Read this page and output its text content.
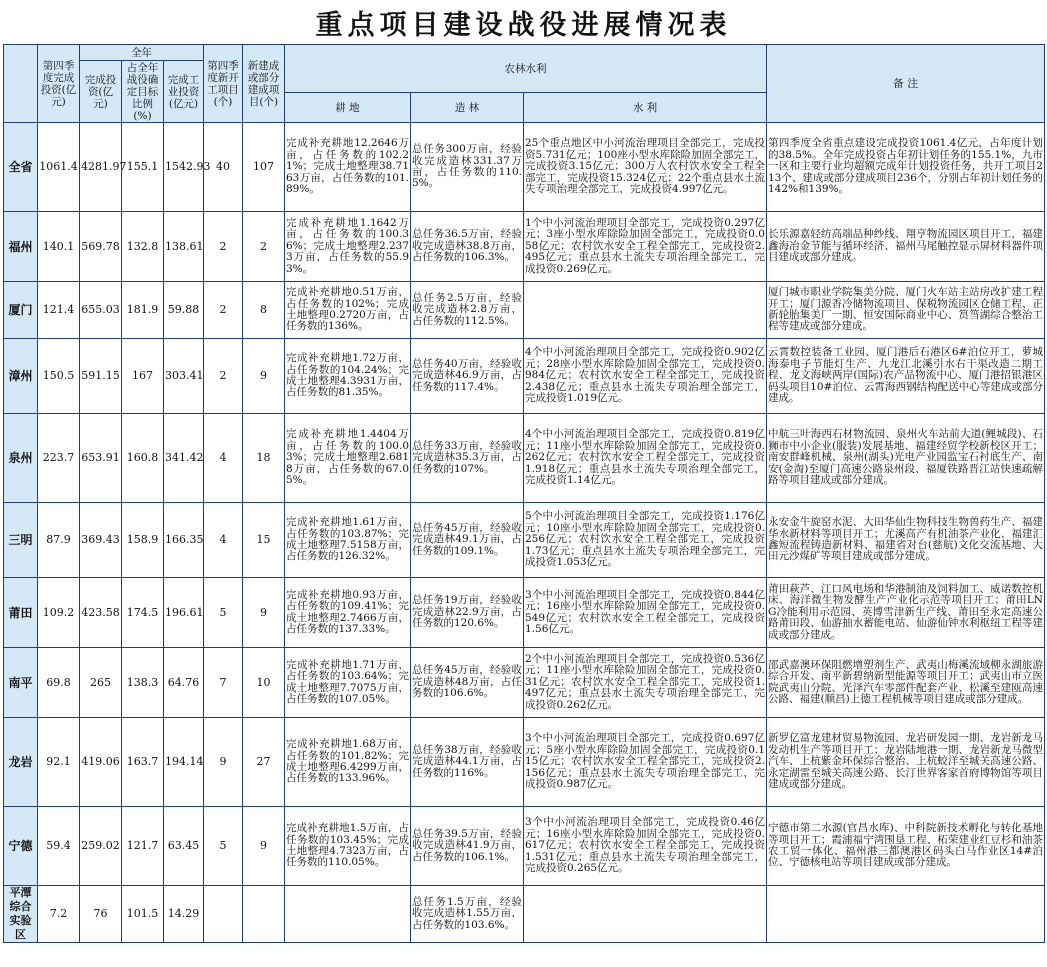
重点项目建设战役进展情况表
	第四季度完成投资(亿元)	全年			第四季度新开工项目(个)	新建成或部分建成项目(个)	农林水利			备 注
		完成投资(亿元)	占全年战役确定目标比例(%)	完成工业投资(亿元)						
							耕 地	造 林	水 利	
全省	1061.4	4281.97	155.1	1542.93	40	107	完成补充耕地12.2646万亩，占任务数的102.21%；完成土地整理38.7163万亩，占任务数的101.89%。	总任务300万亩，经验收完成造林331.37万亩，占任务数的110.5%。	25个重点地区中小河流治理项目全部完工，完成投资5.731亿元；100座小型水库除险加固全部完工，完成投资3.15亿元；300万人农村饮水安全工程全部完工，完成投资15.324亿元；22个重点县水土流失专项治理全部完工，完成投资4.997亿元。	第四季度全省重点建设完成投资1061.4亿元，占年度计划的38.5%。全年完成投资占年初计划任务的155.1%，九市一区和主要行业均超额完成年计划投资任务，共开工项目213个、建成或部分建成项目236个，分别占年初计划任务的142%和139%。
福州	140.1	569.78	132.8	138.61	2	2	完成补充耕地1.1642万亩，占任务数的100.36%；完成土地整理2.2373万亩，占任务数的55.93%。	总任务36.5万亩，经验收完成造林38.8万亩，占任务数的106.3%。	1个中小河流治理项目全部完工，完成投资0.297亿元；3座小型水库除险加固全部完工，完成投资0.058亿元；农村饮水安全工程全部完工，完成投资2.495亿元；重点县水土流失专项治理全部完工，完成投资0.269亿元。	长乐源嘉轻纺高端品种纱线、翔亨物流园区项目开工，福建鑫海冶金节能与循环经济、福州马尾触控显示屏材料器件项目建成或部分建成。
厦门	121.4	655.03	181.9	59.88	2	8	完成补充耕地0.51万亩，占任务数的102%；完成土地整理0.2720万亩，占任务数的136%。	总任务2.5万亩，经验收完成造林2.8万亩，占任务数的112.5%。		厦门城市职业学院集美分院、厦门火车站主站房改扩建工程开工；厦门源香冷储物流项目、保税物流园区仓储工程、正新轮胎集美厂一期、恒安国际商业中心、筼筜湖综合整治工程等建成或部分建成。
漳州	150.5	591.15	167	303.41	2	9	完成补充耕地1.72万亩，占任务数的104.24%；完成土地整理4.3931万亩，占任务数的81.35%。	总任务40万亩，经验收完成造林46.9万亩，占任务数的117.4%。	4个中小河流治理项目全部完工，完成投资0.902亿元；28座小型水库除险加固全部完工，完成投资0.984亿元；农村饮水安全工程全部完工，完成投资2.438亿元；重点县水土流失专项治理全部完工，完成投资1.019亿元。	云霄数控装备工业园、厦门港后石港区6#泊位开工，萝城海泰电子节能灯生产、九龙江北溪引水右干渠改造二期工程、龙文海峡两岸(国际)农产品物流中心、厦门港招银港区码头项目10#泊位、云霄海西钢结构配送中心等建成或部分建成。
泉州	223.7	653.91	160.8	341.42	4	18	完成补充耕地1.4404万亩，占任务数的100.03%；完成土地整理2.6818万亩，占任务数的67.05%。	总任务33万亩，经验收完成造林35.3万亩，占任务数的107%。	4个中小河流治理项目全部完工，完成投资0.819亿元；11座小型水库除险加固全部完工，完成投资0.262亿元；农村饮水安全工程全部完工，完成投资1.918亿元；重点县水土流失专项治理全部完工，完成投资1.14亿元。	中航三叶海西石材物流园、泉州火车站前大道(鲤城段)、石狮市中小企业(服装)发展基地、福建经贸学校新校区开工；南安群峰机械、泉州(湖头)光电产业园监宝石衬底生产、南安(金淘)至厦门高速公路泉州段、福厦铁路晋江站快速疏解路等项目建成或部分建成。
三明	87.9	369.43	158.9	166.35	4	15	完成补充耕地1.61万亩，占任务数的103.87%；完成土地整理7.5158万亩，占任务数的126.32%。	总任务45万亩，经验收完成造林49.1万亩，占任务数的109.1%。	5个中小河流治理项目全部完工，完成投资1.176亿元；10座小型水库除险加固全部完工，完成投资0.256亿元；农村饮水安全工程全部完工，完成投资1.73亿元；重点县水土流失专项治理全部完工，完成投资1.053亿元。	永安金牛旋窑水泥、大田华仙生物科技生物兽药生产、福建华水新材料等项目开工；尤溪高产有机油茶产业化、福建汇鑫短流程铸造新材料、福建省对台(慈航)文化交流基地、大田元沙煤矿等项目建成或部分建成。
莆田	109.2	423.58	174.5	196.61	5	9	完成补充耕地0.93万亩，占任务数的109.41%；完成土地整理2.7466万亩，占任务数的137.33%。	总任务19万亩，经验收完成造林22.9万亩，占任务数的120.6%。	3个中小河流治理项目全部完工，完成投资0.844亿元；16座小型水库除险加固全部完工，完成投资0.549亿元；农村饮水安全工程全部完工，完成投资1.56亿元。	莆田萩芦、江口风电场和华港制油及饲料加工、威诺数控机床、海洋微生物发酵生产产业化示范等项目开工；莆田LNG冷能利用示范园、英博雪津新生产线、莆田至永定高速公路莆田段、仙游抽水蓄能电站、仙游仙钟水利枢纽工程等建成或部分建成。
南平	69.8	265	138.3	64.76	7	10	完成补充耕地1.71万亩，占任务数的103.64%；完成土地整理7.7075万亩，占任务数的107.05%。	总任务45万亩，经验收完成造林48万亩，占任务数的106.6%。	2个中小河流治理项目全部完工，完成投资0.536亿元；11座小型水库除险加固全部完工，完成投资0.31亿元；农村饮水安全工程全部完工，完成投资1.497亿元；重点县水土流失专项治理全部完工，完成投资0.262亿元。	邵武嘉澳环保阻燃增塑剂生产、武夷山梅溪流域柳永湖旅游综合开发、南平新碧纳新型能源等项目开工；武夷山市立医院武夷山分院、光泽汽车零部件配套产业、松溪至建瓯高速公路、福建(顺昌)上德工程机械等项目建成或部分建成。
龙岩	92.1	419.06	163.7	194.14	9	27	完成补充耕地1.68万亩，占任务数的101.82%；完成土地整理6.4299万亩，占任务数的133.96%。	总任务38万亩，经验收完成造林44.1万亩，占任务数的116%。	3个中小河流治理项目全部完工，完成投资0.697亿元；5座小型水库除险加固全部完工，完成投资0.115亿元；农村饮水安全工程全部完工，完成投资2.156亿元；重点县水土流失专项治理全部完工，完成投资0.987亿元。	新罗亿富龙建材贸易物流园、龙岩研发园一期、龙岩新龙马发动机生产等项目开工；龙岩陆地港一期、龙岩新龙马微型汽车、上杭紫金环保综合整治、上杭蛟洋至城关高速公路、永定湖雷至城关高速公路、长汀世界客家首府博物馆等项目建成或部分建成。
宁德	59.4	259.02	121.7	63.45	5	9	完成补充耕地1.5万亩，占任务数的103.45%；完成土地整理4.7323万亩，占任务数的110.05%。	总任务39.5万亩，经验收完成造林41.9万亩，占任务数的106.1%。	3个中小河流治理项目全部完工，完成投资0.46亿元；16座小型水库除险加固全部完工，完成投资0.617亿元；农村饮水安全工程全部完工，完成投资1.531亿元；重点县水土流失专项治理全部完工，完成投资0.265亿元。	宁德市第二水源(官昌水库)、中科院新技术孵化与转化基地等项目开工；霞浦福宁湾围垦工程、柘荣建业红豆杉和油茶农工贸一体化、福州港三都澳港区码头白马作业区14#泊位、宁德核电站等项目建成或部分建成。
平潭综合实验区	7.2	76	101.5	14.29				总任务1.5万亩，经验收完成造林1.55万亩，占任务数的103.6%。		
